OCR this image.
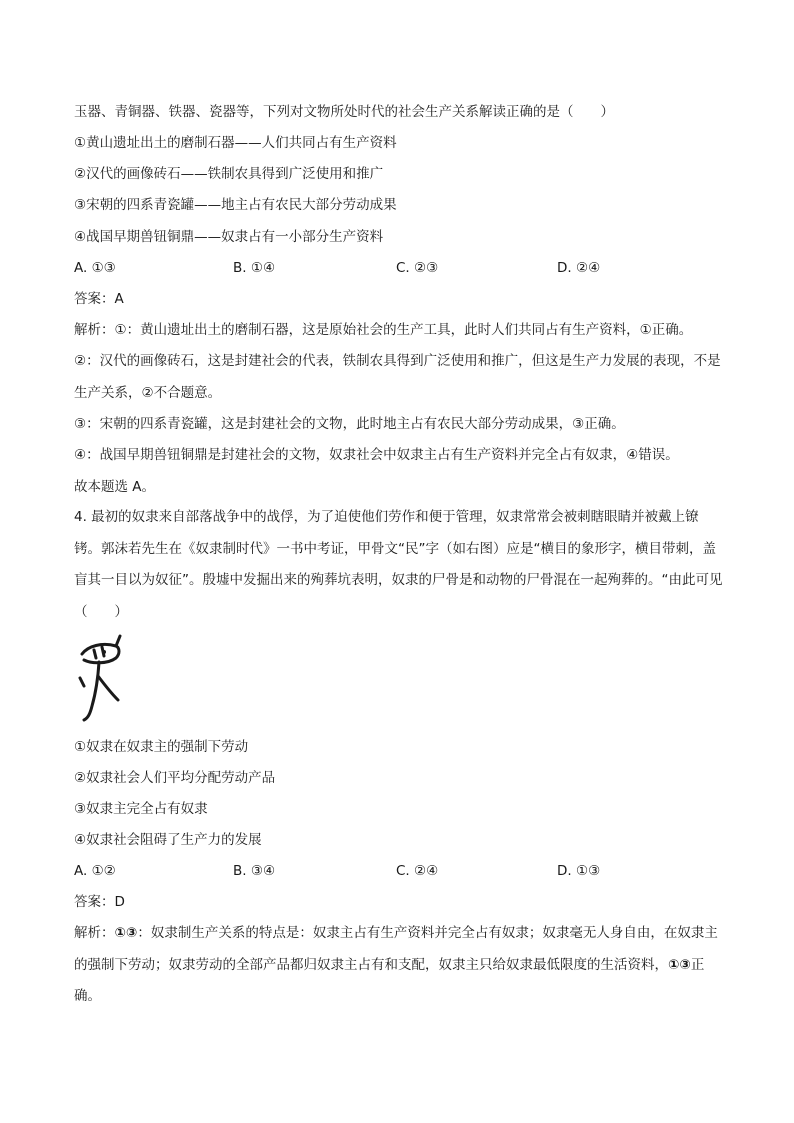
玉器、青铜器、铁器、瓷器等，下列对文物所处时代的社会生产关系解读正确的是（　　）
①黄山遗址出土的磨制石器——人们共同占有生产资料
②汉代的画像砖石——铁制农具得到广泛使用和推广
③宋朝的四系青瓷罐——地主占有农民大部分劳动成果
④战国早期兽钮铜鼎——奴隶占有一小部分生产资料
A. ①③	B. ①④	C. ②③	D. ②④
答案：A
解析：①：黄山遗址出土的磨制石器，这是原始社会的生产工具，此时人们共同占有生产资料，①正确。
②：汉代的画像砖石，这是封建社会的代表，铁制农具得到广泛使用和推广，但这是生产力发展的表现，不是生产关系，②不合题意。
③：宋朝的四系青瓷罐，这是封建社会的文物，此时地主占有农民大部分劳动成果，③正确。
④：战国早期兽钮铜鼎是封建社会的文物，奴隶社会中奴隶主占有生产资料并完全占有奴隶，④错误。
故本题选 A。
4. 最初的奴隶来自部落战争中的战俘，为了迫使他们劳作和便于管理，奴隶常常会被刺瞎眼睛并被戴上镣铐。郭沫若先生在《奴隶制时代》一书中考证，甲骨文“民”字（如右图）应是“横目的象形字，横目带刺，盖盲其一目以为奴征”。殷墟中发掘出来的殉葬坑表明，奴隶的尸骨是和动物的尸骨混在一起殉葬的。“由此可见（　　）
①奴隶在奴隶主的强制下劳动
②奴隶社会人们平均分配劳动产品
③奴隶主完全占有奴隶
④奴隶社会阻碍了生产力的发展
A. ①②	B. ③④	C. ②④	D. ①③
答案：D
解析：①③：奴隶制生产关系的特点是：奴隶主占有生产资料并完全占有奴隶；奴隶毫无人身自由，在奴隶主的强制下劳动；奴隶劳动的全部产品都归奴隶主占有和支配，奴隶主只给奴隶最低限度的生活资料，①③正确。
